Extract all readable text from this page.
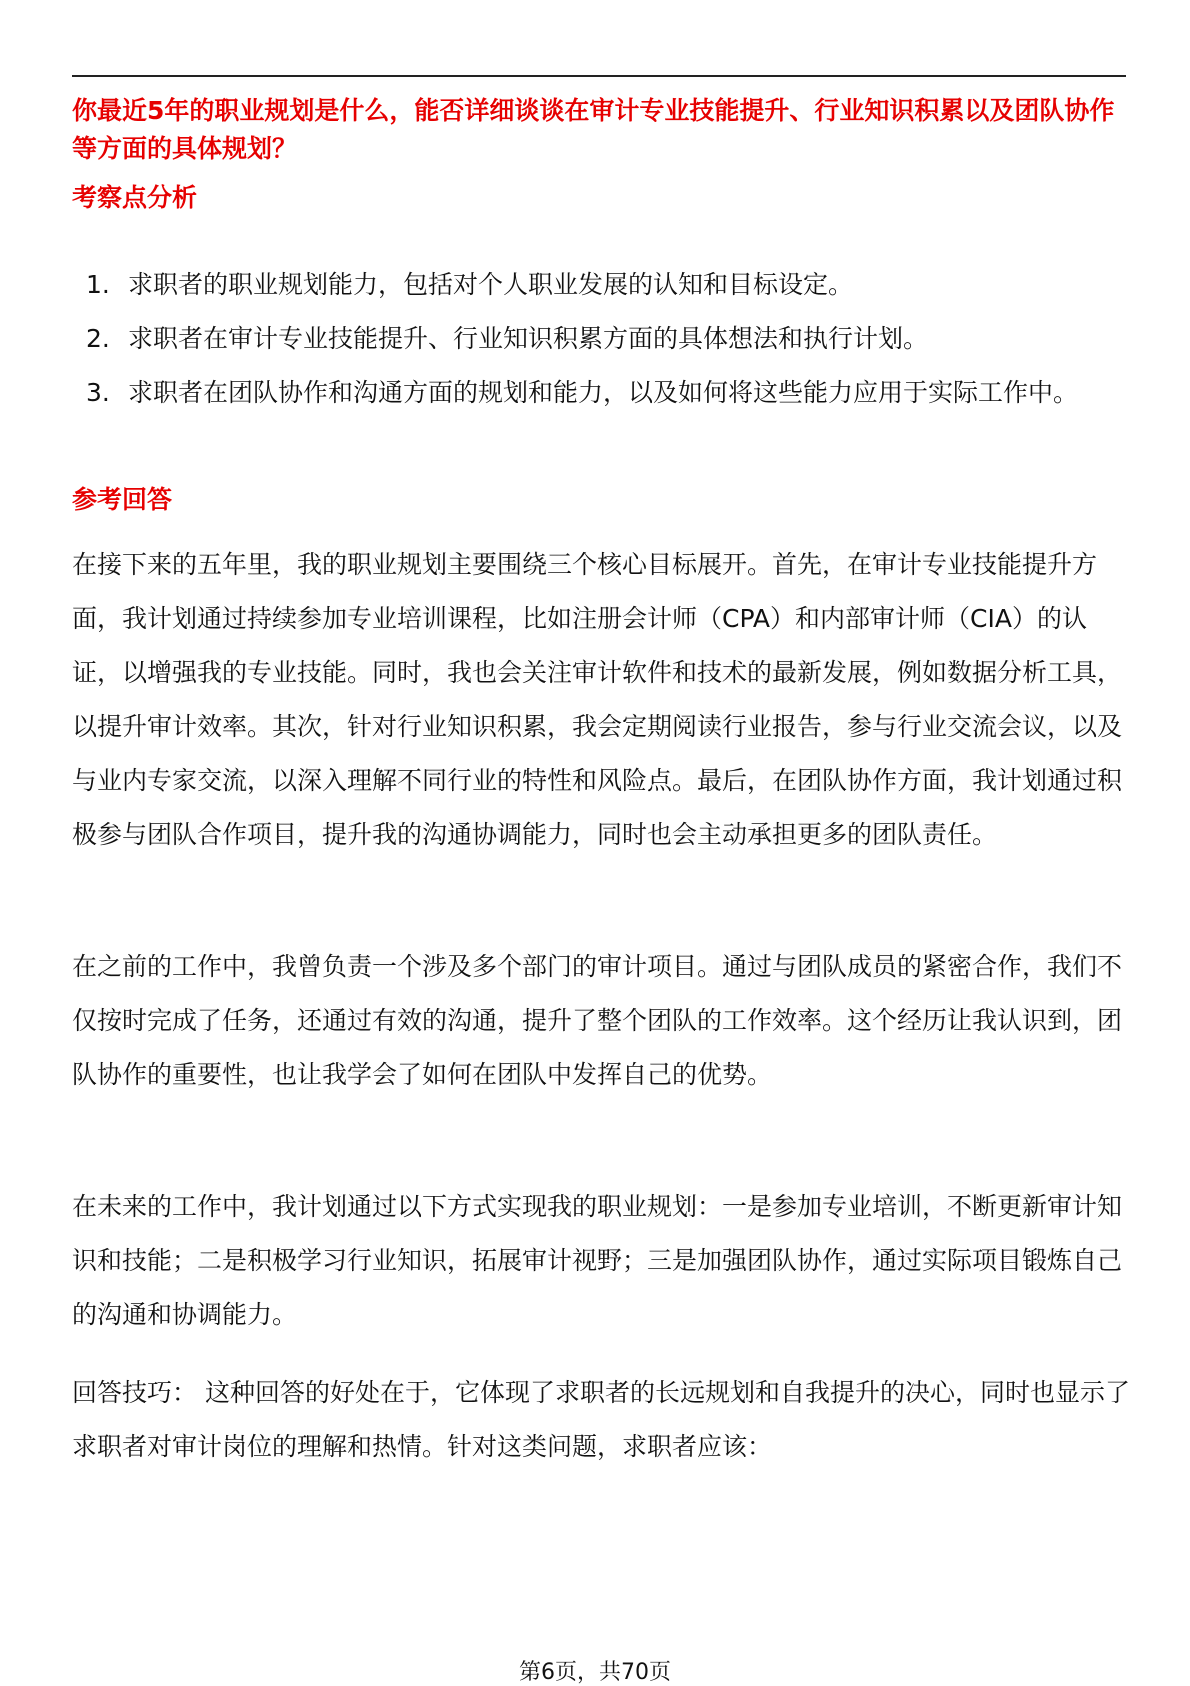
你最近5年的职业规划是什么，能否详细谈谈在审计专业技能提升、行业知识积累以及团队协作等方面的具体规划？

考察点分析
1. 求职者的职业规划能力，包括对个人职业发展的认知和目标设定。
2. 求职者在审计专业技能提升、行业知识积累方面的具体想法和执行计划。
3. 求职者在团队协作和沟通方面的规划和能力，以及如何将这些能力应用于实际工作中。
参考回答

在接下来的五年里，我的职业规划主要围绕三个核心目标展开。首先，在审计专业技能提升方面，我计划通过持续参加专业培训课程，比如注册会计师（CPA）和内部审计师（CIA）的认证，以增强我的专业技能。同时，我也会关注审计软件和技术的最新发展，例如数据分析工具，以提升审计效率。其次，针对行业知识积累，我会定期阅读行业报告，参与行业交流会议，以及与业内专家交流，以深入理解不同行业的特性和风险点。最后，在团队协作方面，我计划通过积极参与团队合作项目，提升我的沟通协调能力，同时也会主动承担更多的团队责任。

在之前的工作中，我曾负责一个涉及多个部门的审计项目。通过与团队成员的紧密合作，我们不仅按时完成了任务，还通过有效的沟通，提升了整个团队的工作效率。这个经历让我认识到，团队协作的重要性，也让我学会了如何在团队中发挥自己的优势。

在未来的工作中，我计划通过以下方式实现我的职业规划：一是参加专业培训，不断更新审计知识和技能；二是积极学习行业知识，拓展审计视野；三是加强团队协作，通过实际项目锻炼自己的沟通和协调能力。

回答技巧： 这种回答的好处在于，它体现了求职者的长远规划和自我提升的决心，同时也显示了求职者对审计岗位的理解和热情。针对这类问题，求职者应该：

第6页，共70页
